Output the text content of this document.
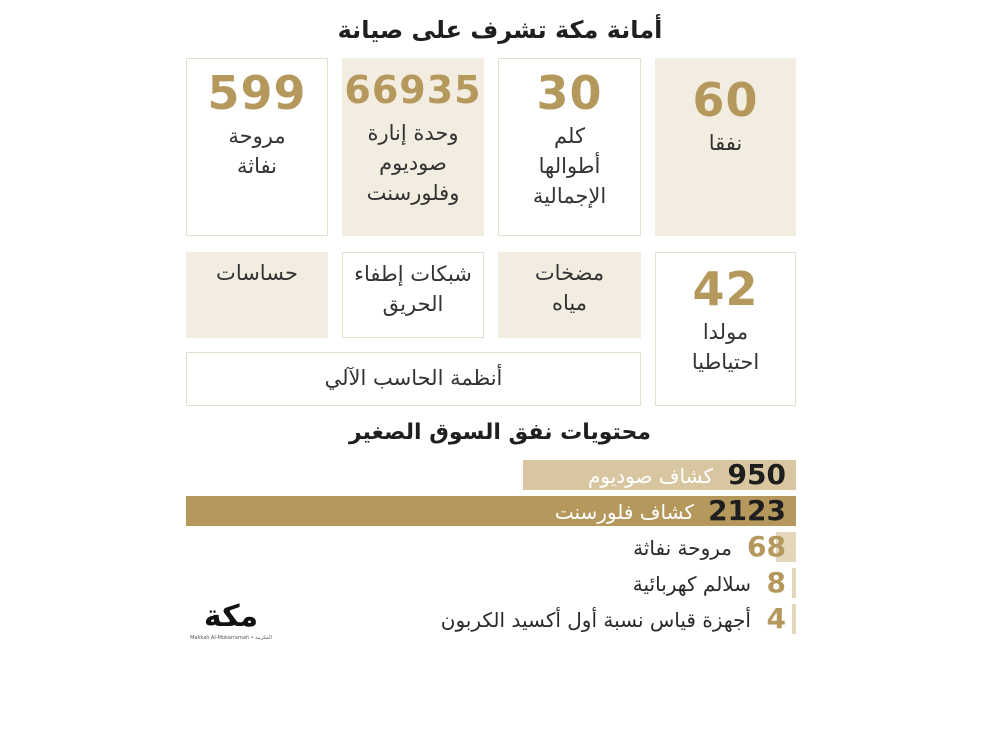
أمانة مكة تشرف على صيانة
60
نفقا
30
كلم
أطوالها
الإجمالية
66935
وحدة إنارة
صوديوم
وفلورسنت
599
مروحة
نفاثة
42
مولدا
احتياطيا
مضخات
مياه
شبكات إطفاء
الحريق
حساسات
أنظمة الحاسب الآلي
محتويات نفق السوق الصغير
950
كشاف صوديوم
2123
كشاف فلورسنت
68
مروحة نفاثة
8
سلالم كهربائية
4
أجهزة قياس نسبة أول أكسيد الكربون
مكة
Makkah Al-Mokarramah • المكرمة
